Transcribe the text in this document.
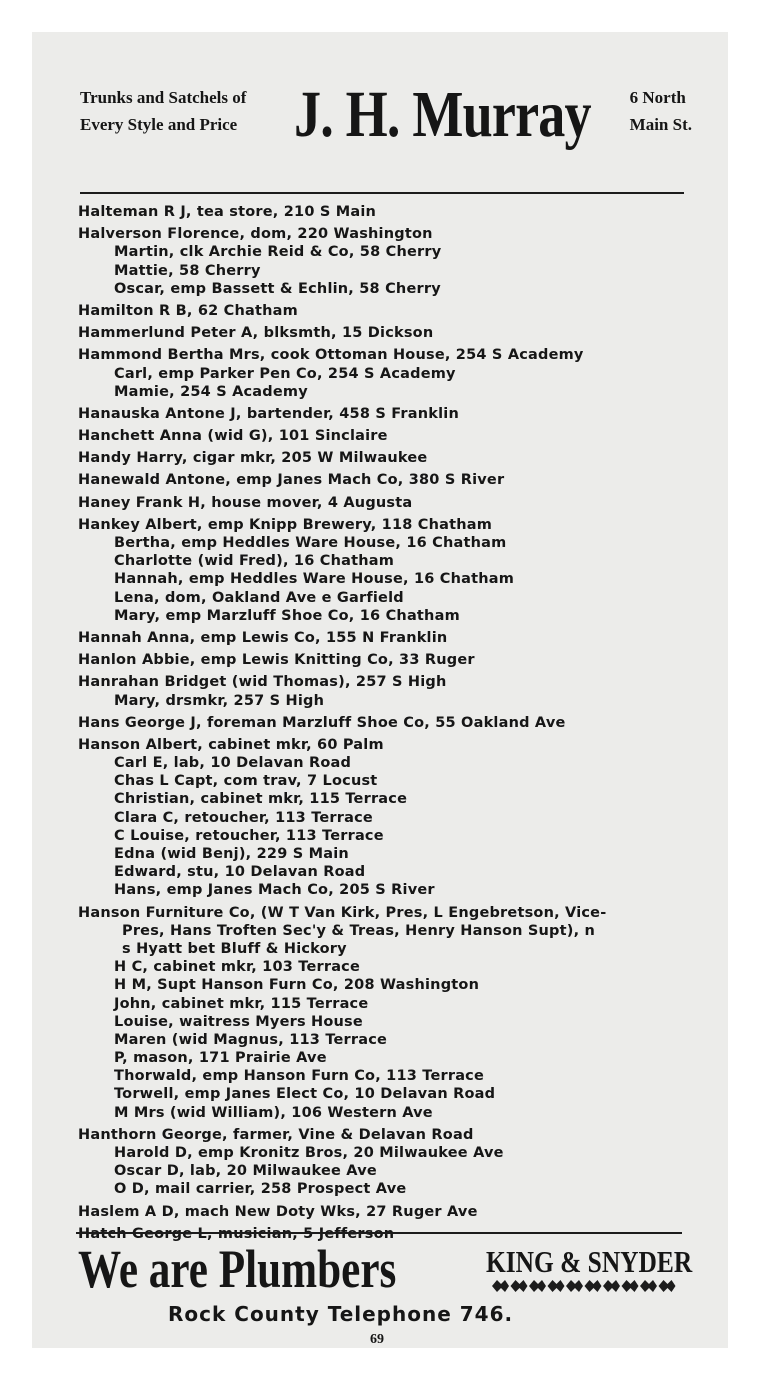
Trunks and Satchels of
Every Style and Price J. H. Murray 6 North
Main St.
Halteman R J, tea store, 210 S Main
Halverson Florence, dom, 220 Washington
Martin, clk Archie Reid & Co, 58 Cherry
Mattie, 58 Cherry
Oscar, emp Bassett & Echlin, 58 Cherry
Hamilton R B, 62 Chatham
Hammerlund Peter A, blksmth, 15 Dickson
Hammond Bertha Mrs, cook Ottoman House, 254 S Academy
Carl, emp Parker Pen Co, 254 S Academy
Mamie, 254 S Academy
Hanauska Antone J, bartender, 458 S Franklin
Hanchett Anna (wid G), 101 Sinclaire
Handy Harry, cigar mkr, 205 W Milwaukee
Hanewald Antone, emp Janes Mach Co, 380 S River
Haney Frank H, house mover, 4 Augusta
Hankey Albert, emp Knipp Brewery, 118 Chatham
Bertha, emp Heddles Ware House, 16 Chatham
Charlotte (wid Fred), 16 Chatham
Hannah, emp Heddles Ware House, 16 Chatham
Lena, dom, Oakland Ave e Garfield
Mary, emp Marzluff Shoe Co, 16 Chatham
Hannah Anna, emp Lewis Co, 155 N Franklin
Hanlon Abbie, emp Lewis Knitting Co, 33 Ruger
Hanrahan Bridget (wid Thomas), 257 S High
Mary, drsmkr, 257 S High
Hans George J, foreman Marzluff Shoe Co, 55 Oakland Ave
Hanson Albert, cabinet mkr, 60 Palm
Carl E, lab, 10 Delavan Road
Chas L Capt, com trav, 7 Locust
Christian, cabinet mkr, 115 Terrace
Clara C, retoucher, 113 Terrace
C Louise, retoucher, 113 Terrace
Edna (wid Benj), 229 S Main
Edward, stu, 10 Delavan Road
Hans, emp Janes Mach Co, 205 S River
Hanson Furniture Co, (W T Van Kirk, Pres, L Engebretson, Vice-
Pres, Hans Troften Sec'y & Treas, Henry Hanson Supt), n
s Hyatt bet Bluff & Hickory
H C, cabinet mkr, 103 Terrace
H M, Supt Hanson Furn Co, 208 Washington
John, cabinet mkr, 115 Terrace
Louise, waitress Myers House
Maren (wid Magnus, 113 Terrace
P, mason, 171 Prairie Ave
Thorwald, emp Hanson Furn Co, 113 Terrace
Torwell, emp Janes Elect Co, 10 Delavan Road
M Mrs (wid William), 106 Western Ave
Hanthorn George, farmer, Vine & Delavan Road
Harold D, emp Kronitz Bros, 20 Milwaukee Ave
Oscar D, lab, 20 Milwaukee Ave
O D, mail carrier, 258 Prospect Ave
Haslem A D, mach New Doty Wks, 27 Ruger Ave
We are Plumbers	KING & SNYDER
Rock County Telephone 746.
69
